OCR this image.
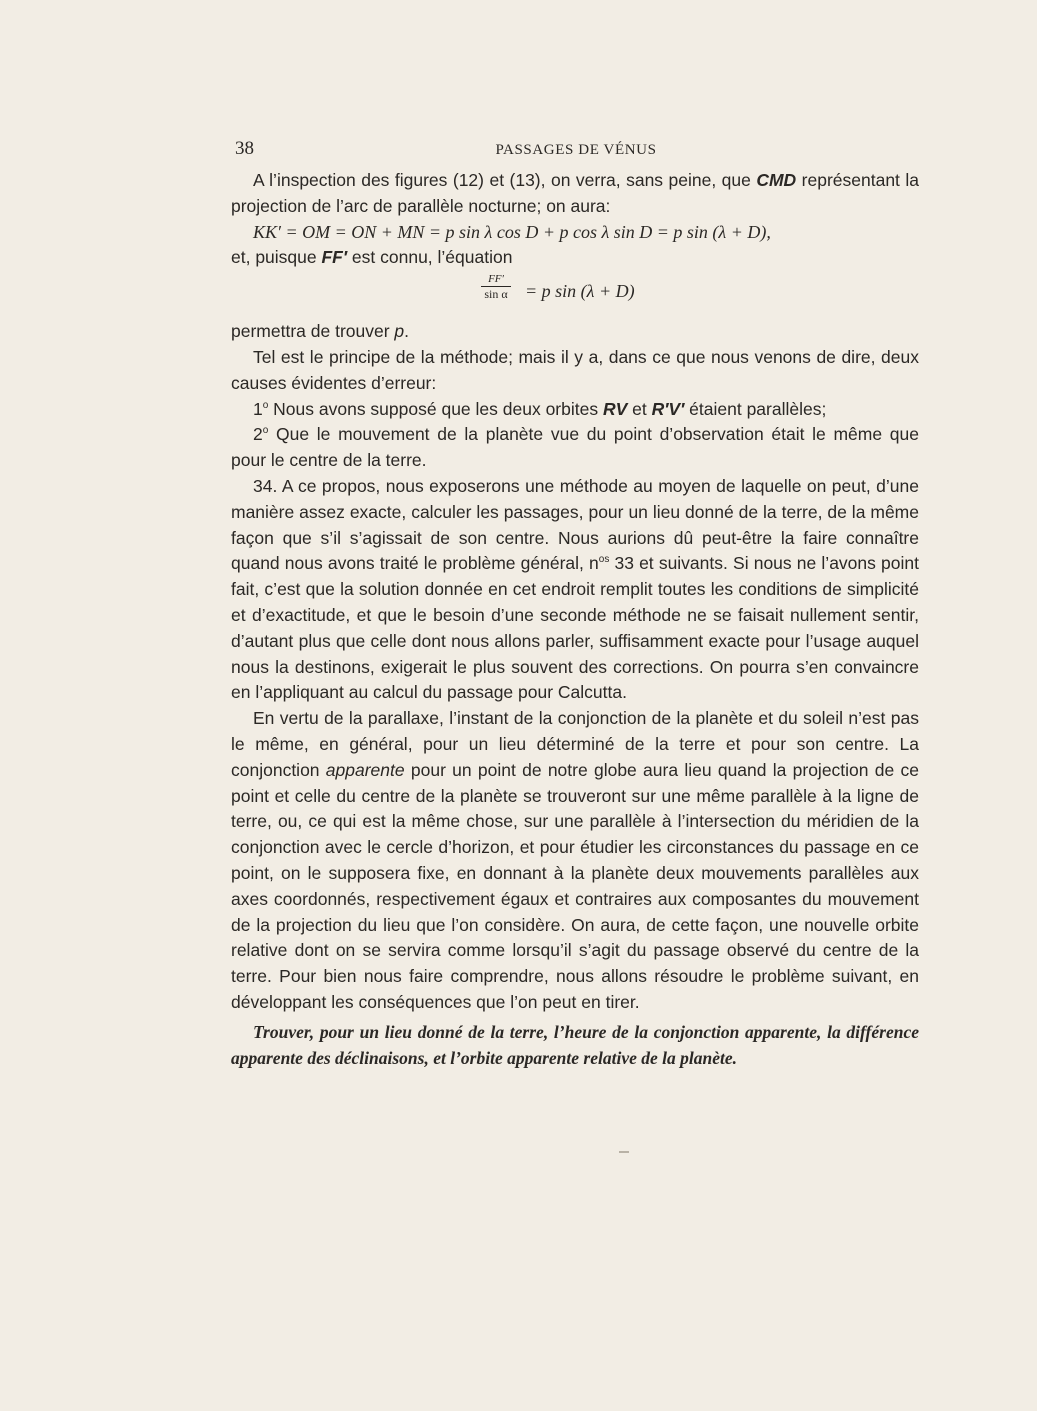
38	PASSAGES DE VÉNUS

A l’inspection des figures (12) et (13), on verra, sans peine, que CMD représentant la projection de l’arc de parallèle nocturne; on aura:

KK′ = OM = ON + MN = p sin λ cos D + p cos λ sin D = p sin (λ + D),

et, puisque FF′ est connu, l’équation

FF′
sin α = p sin (λ + D)

permettra de trouver p.

Tel est le principe de la méthode; mais il y a, dans ce que nous venons de dire, deux causes évidentes d’erreur:

1$^o$ Nous avons supposé que les deux orbites RV et R′V′ étaient parallèles;

2$^o$ Que le mouvement de la planète vue du point d’observation était le même que pour le centre de la terre.

34. A ce propos, nous exposerons une méthode au moyen de laquelle on peut, d’une manière assez exacte, calculer les passages, pour un lieu donné de la terre, de la même façon que s’il s’agissait de son centre. Nous aurions dû peut-être la faire connaître quand nous avons traité le problème général, $n^{os}$ 33 et suivants. Si nous ne l’avons point fait, c’est que la solution donnée en cet endroit remplit toutes les conditions de simplicité et d’exactitude, et que le besoin d’une seconde méthode ne se faisait nullement sentir, d’autant plus que celle dont nous allons parler, suffisamment exacte pour l’usage auquel nous la destinons, exigerait le plus souvent des corrections. On pourra s’en convaincre en l’appliquant au calcul du passage pour Calcutta.

En vertu de la parallaxe, l’instant de la conjonction de la planète et du soleil n’est pas le même, en général, pour un lieu déterminé de la terre et pour son centre. La conjonction apparente pour un point de notre globe aura lieu quand la projection de ce point et celle du centre de la planète se trouveront sur une même parallèle à la ligne de terre, ou, ce qui est la même chose, sur une parallèle à l’intersection du méridien de la conjonction avec le cercle d’horizon, et pour étudier les circonstances du passage en ce point, on le supposera fixe, en donnant à la planète deux mouvements parallèles aux axes coordonnés, respectivement égaux et contraires aux composantes du mouvement de la projection du lieu que l’on considère. On aura, de cette façon, une nouvelle orbite relative dont on se servira comme lorsqu’il s’agit du passage observé du centre de la terre. Pour bien nous faire comprendre, nous allons résoudre le problème suivant, en développant les conséquences que l’on peut en tirer.

Trouver, pour un lieu donné de la terre, l’heure de la conjonction apparente, la différence apparente des déclinaisons, et l’orbite apparente relative de la planète.
